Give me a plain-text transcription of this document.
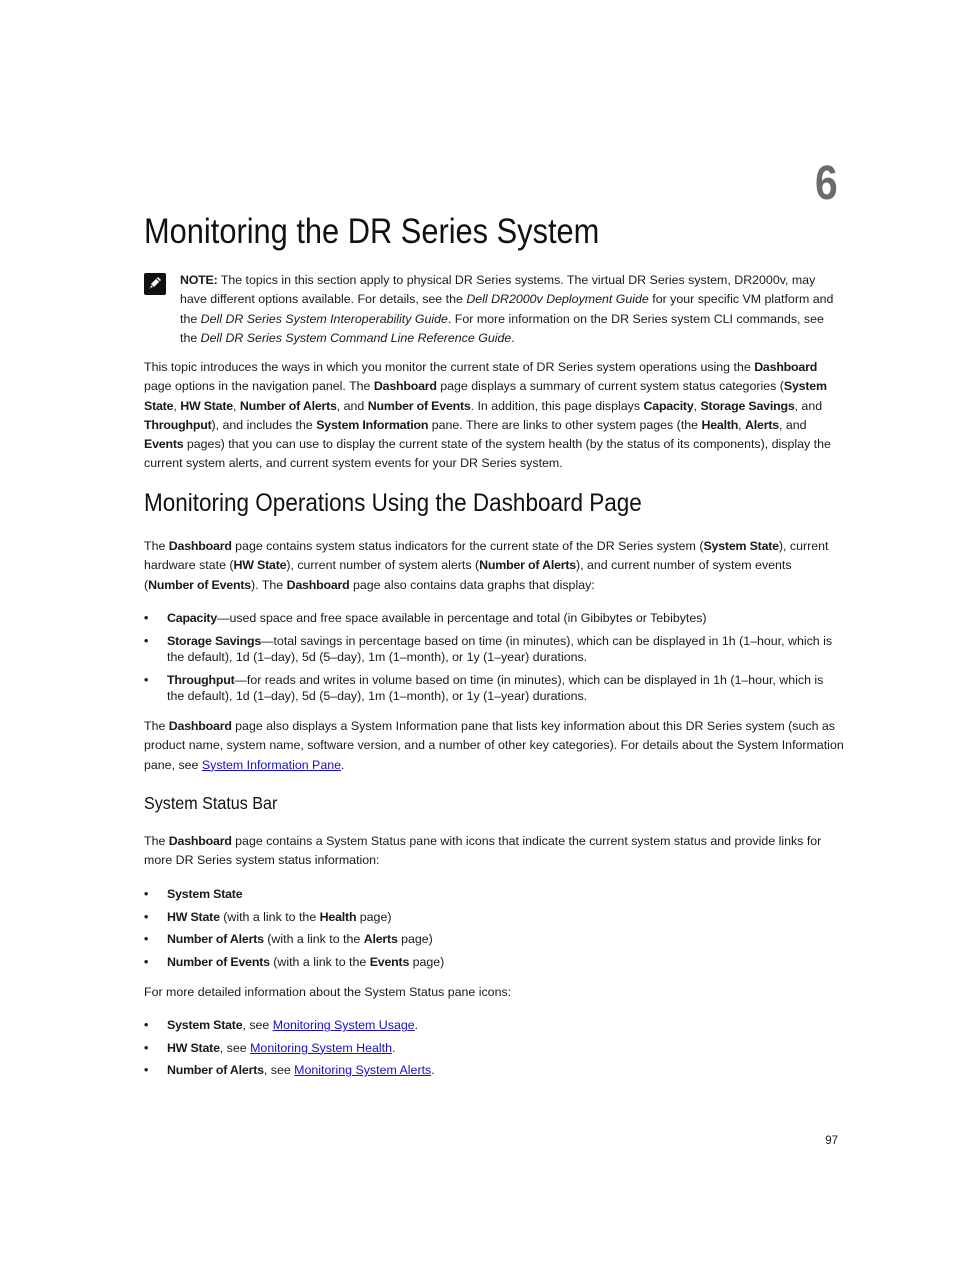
6
Monitoring the DR Series System
NOTE: The topics in this section apply to physical DR Series systems. The virtual DR Series system, DR2000v, may have different options available. For details, see the Dell DR2000v Deployment Guide for your specific VM platform and the Dell DR Series System Interoperability Guide. For more information on the DR Series system CLI commands, see the Dell DR Series System Command Line Reference Guide.

This topic introduces the ways in which you monitor the current state of DR Series system operations using the Dashboard page options in the navigation panel. The Dashboard page displays a summary of current system status categories (System State, HW State, Number of Alerts, and Number of Events. In addition, this page displays Capacity, Storage Savings, and Throughput), and includes the System Information pane. There are links to other system pages (the Health, Alerts, and Events pages) that you can use to display the current state of the system health (by the status of its components), display the current system alerts, and current system events for your DR Series system.

Monitoring Operations Using the Dashboard Page

The Dashboard page contains system status indicators for the current state of the DR Series system (System State), current hardware state (HW State), current number of system alerts (Number of Alerts), and current number of system events (Number of Events). The Dashboard page also contains data graphs that display:

• Capacity—used space and free space available in percentage and total (in Gibibytes or Tebibytes)
• Storage Savings—total savings in percentage based on time (in minutes), which can be displayed in 1h (1–hour, which is the default), 1d (1–day), 5d (5–day), 1m (1–month), or 1y (1–year) durations.
• Throughput—for reads and writes in volume based on time (in minutes), which can be displayed in 1h (1–hour, which is the default), 1d (1–day), 5d (5–day), 1m (1–month), or 1y (1–year) durations.

The Dashboard page also displays a System Information pane that lists key information about this DR Series system (such as product name, system name, software version, and a number of other key categories). For details about the System Information pane, see System Information Pane.

System Status Bar

The Dashboard page contains a System Status pane with icons that indicate the current system status and provide links for more DR Series system status information:

• System State
• HW State (with a link to the Health page)
• Number of Alerts (with a link to the Alerts page)
• Number of Events (with a link to the Events page)

For more detailed information about the System Status pane icons:

• System State, see Monitoring System Usage.
• HW State, see Monitoring System Health.
• Number of Alerts, see Monitoring System Alerts.
97
